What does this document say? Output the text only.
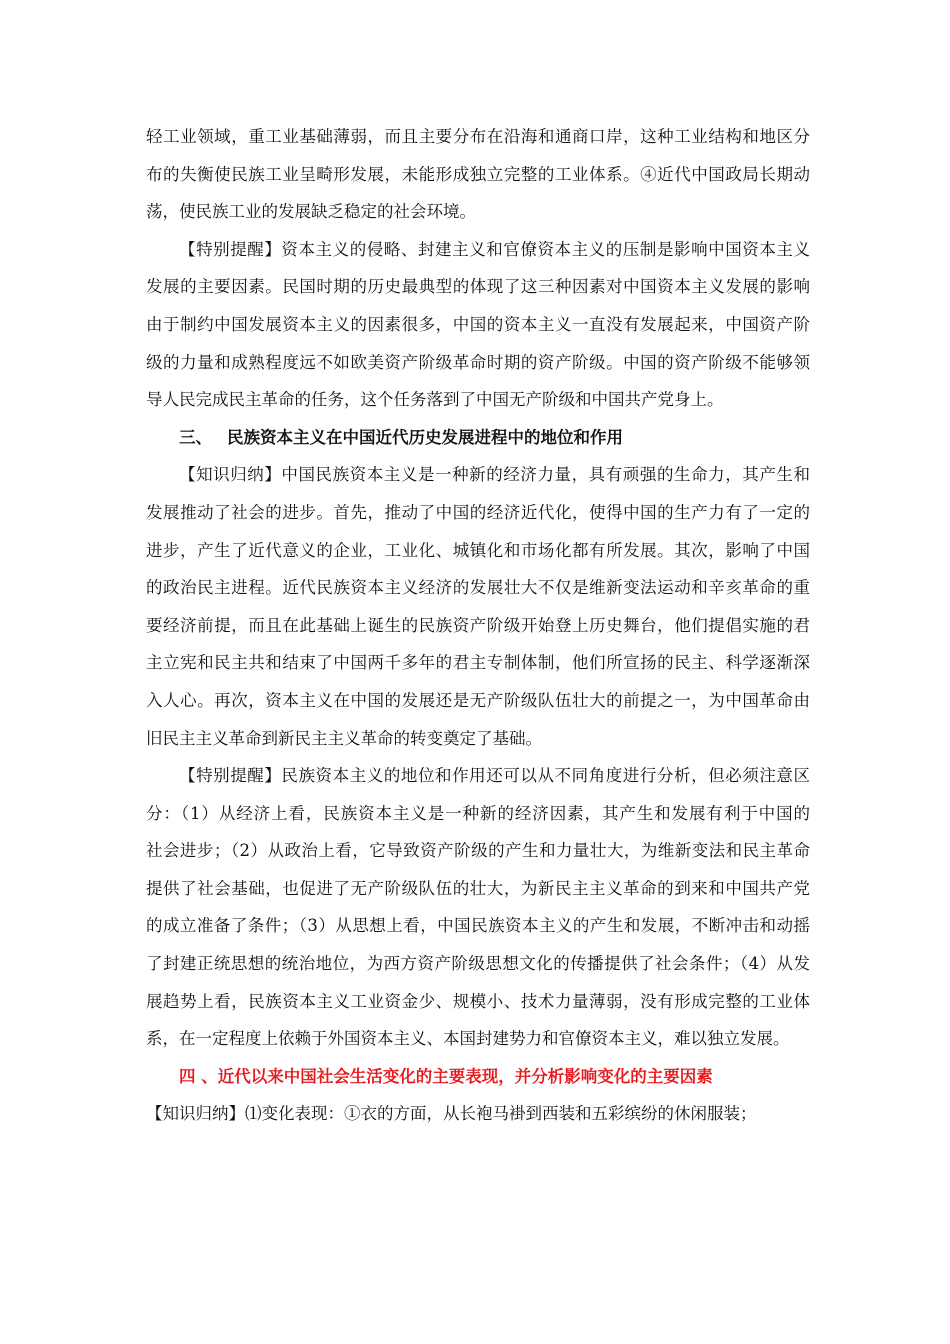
轻工业领域，重工业基础薄弱，而且主要分布在沿海和通商口岸，这种工业结构和地区分
布的失衡使民族工业呈畸形发展，未能形成独立完整的工业体系。④近代中国政局长期动
荡，使民族工业的发展缺乏稳定的社会环境。
【特别提醒】资本主义的侵略、封建主义和官僚资本主义的压制是影响中国资本主义
发展的主要因素。民国时期的历史最典型的体现了这三种因素对中国资本主义发展的影响
由于制约中国发展资本主义的因素很多，中国的资本主义一直没有发展起来，中国资产阶
级的力量和成熟程度远不如欧美资产阶级革命时期的资产阶级。中国的资产阶级不能够领
导人民完成民主革命的任务，这个任务落到了中国无产阶级和中国共产党身上。
三、 民族资本主义在中国近代历史发展进程中的地位和作用
【知识归纳】中国民族资本主义是一种新的经济力量，具有顽强的生命力，其产生和
发展推动了社会的进步。首先，推动了中国的经济近代化，使得中国的生产力有了一定的
进步，产生了近代意义的企业，工业化、城镇化和市场化都有所发展。其次，影响了中国
的政治民主进程。近代民族资本主义经济的发展壮大不仅是维新变法运动和辛亥革命的重
要经济前提，而且在此基础上诞生的民族资产阶级开始登上历史舞台，他们提倡实施的君
主立宪和民主共和结束了中国两千多年的君主专制体制，他们所宣扬的民主、科学逐渐深
入人心。再次，资本主义在中国的发展还是无产阶级队伍壮大的前提之一，为中国革命由
旧民主主义革命到新民主主义革命的转变奠定了基础。
【特别提醒】民族资本主义的地位和作用还可以从不同角度进行分析，但必须注意区
分：（1）从经济上看，民族资本主义是一种新的经济因素，其产生和发展有利于中国的
社会进步；（2）从政治上看，它导致资产阶级的产生和力量壮大，为维新变法和民主革命
提供了社会基础，也促进了无产阶级队伍的壮大，为新民主主义革命的到来和中国共产党
的成立准备了条件；（3）从思想上看，中国民族资本主义的产生和发展，不断冲击和动摇
了封建正统思想的统治地位，为西方资产阶级思想文化的传播提供了社会条件；（4）从发
展趋势上看，民族资本主义工业资金少、规模小、技术力量薄弱，没有形成完整的工业体
系，在一定程度上依赖于外国资本主义、本国封建势力和官僚资本主义，难以独立发展。
四 、近代以来中国社会生活变化的主要表现，并分析影响变化的主要因素
【知识归纳】⑴变化表现：①衣的方面，从长袍马褂到西装和五彩缤纷的休闲服装；
